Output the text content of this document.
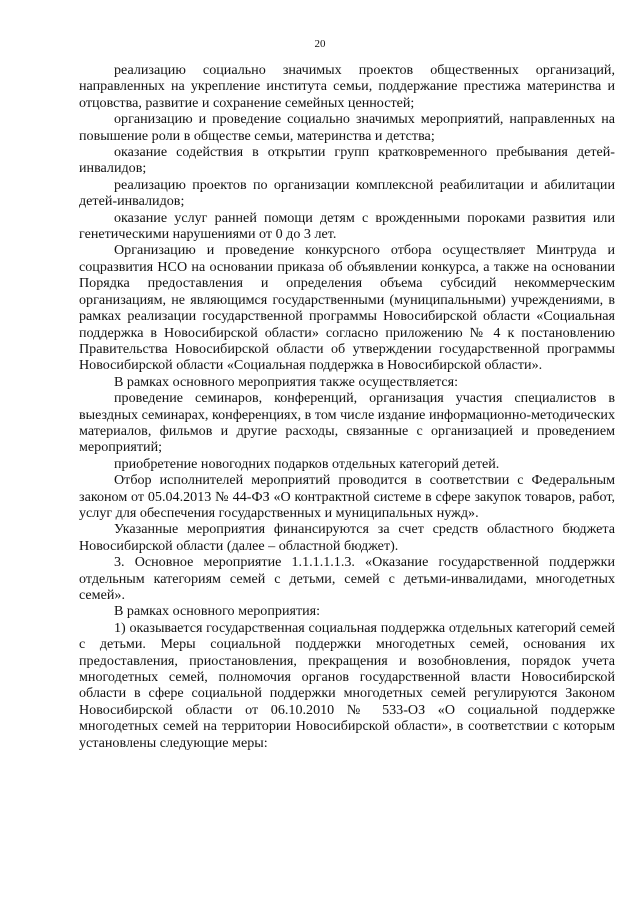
20

реализацию социально значимых проектов общественных организаций, направленных на укрепление института семьи, поддержание престижа материнства и отцовства, развитие и сохранение семейных ценностей;

организацию и проведение социально значимых мероприятий, направленных на повышение роли в обществе семьи, материнства и детства;

оказание содействия в открытии групп кратковременного пребывания детей-инвалидов;

реализацию проектов по организации комплексной реабилитации и абилитации детей-инвалидов;

оказание услуг ранней помощи детям с врожденными пороками развития или генетическими нарушениями от 0 до 3 лет.

Организацию и проведение конкурсного отбора осуществляет Минтруда и соцразвития НСО на основании приказа об объявлении конкурса, а также на основании Порядка предоставления и определения объема субсидий некоммерческим организациям, не являющимся государственными (муниципальными) учреждениями, в рамках реализации государственной программы Новосибирской области «Социальная поддержка в Новосибирской области» согласно приложению № 4 к постановлению Правительства Новосибирской области об утверждении государственной программы Новосибирской области «Социальная поддержка в Новосибирской области».

В рамках основного мероприятия также осуществляется:

проведение семинаров, конференций, организация участия специалистов в выездных семинарах, конференциях, в том числе издание информационно-методических материалов, фильмов и другие расходы, связанные с организацией и проведением мероприятий;

приобретение новогодних подарков отдельных категорий детей.

Отбор исполнителей мероприятий проводится в соответствии с Федеральным законом от 05.04.2013 № 44-ФЗ «О контрактной системе в сфере закупок товаров, работ, услуг для обеспечения государственных и муниципальных нужд».

Указанные мероприятия финансируются за счет средств областного бюджета Новосибирской области (далее – областной бюджет).

3. Основное мероприятие 1.1.1.1.1.3. «Оказание государственной поддержки отдельным категориям семей с детьми, семей с детьми-инвалидами, многодетных семей».

В рамках основного мероприятия:

1) оказывается государственная социальная поддержка отдельных категорий семей с детьми. Меры социальной поддержки многодетных семей, основания их предоставления, приостановления, прекращения и возобновления, порядок учета многодетных семей, полномочия органов государственной власти Новосибирской области в сфере социальной поддержки многодетных семей регулируются Законом Новосибирской области от 06.10.2010 № 533-ОЗ «О социальной поддержке многодетных семей на территории Новосибирской области», в соответствии с которым установлены следующие меры:
